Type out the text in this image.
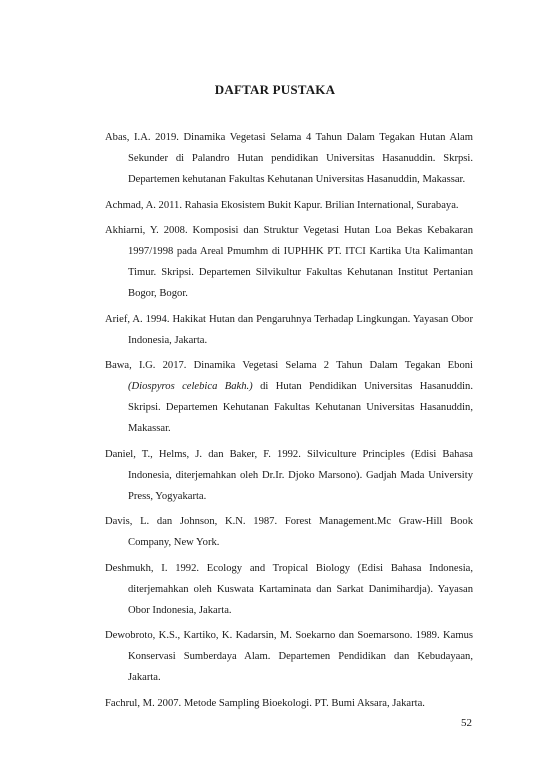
DAFTAR PUSTAKA

Abas, I.A. 2019. Dinamika Vegetasi Selama 4 Tahun Dalam Tegakan Hutan Alam Sekunder di Palandro Hutan pendidikan Universitas Hasanuddin. Skrpsi. Departemen kehutanan Fakultas Kehutanan Universitas Hasanuddin, Makassar.

Achmad, A. 2011. Rahasia Ekosistem Bukit Kapur. Brilian International, Surabaya.

Akhiarni, Y. 2008. Komposisi dan Struktur Vegetasi Hutan Loa Bekas Kebakaran 1997/1998 pada Areal Pmumhm di IUPHHK PT. ITCI Kartika Uta Kalimantan Timur. Skripsi. Departemen Silvikultur Fakultas Kehutanan Institut Pertanian Bogor, Bogor.

Arief, A. 1994. Hakikat Hutan dan Pengaruhnya Terhadap Lingkungan. Yayasan Obor Indonesia, Jakarta.

Bawa, I.G. 2017. Dinamika Vegetasi Selama 2 Tahun Dalam Tegakan Eboni (Diospyros celebica Bakh.) di Hutan Pendidikan Universitas Hasanuddin. Skripsi. Departemen Kehutanan Fakultas Kehutanan Universitas Hasanuddin, Makassar.

Daniel, T., Helms, J. dan Baker, F. 1992. Silviculture Principles (Edisi Bahasa Indonesia, diterjemahkan oleh Dr.Ir. Djoko Marsono). Gadjah Mada University Press, Yogyakarta.

Davis, L. dan Johnson, K.N. 1987. Forest Management.Mc Graw-Hill Book Company, New York.

Deshmukh, I. 1992. Ecology and Tropical Biology (Edisi Bahasa Indonesia, diterjemahkan oleh Kuswata Kartaminata dan Sarkat Danimihardja). Yayasan Obor Indonesia, Jakarta.

Dewobroto, K.S., Kartiko, K. Kadarsin, M. Soekarno dan Soemarsono. 1989. Kamus Konservasi Sumberdaya Alam. Departemen Pendidikan dan Kebudayaan, Jakarta.

Fachrul, M. 2007. Metode Sampling Bioekologi. PT. Bumi Aksara, Jakarta.

52
